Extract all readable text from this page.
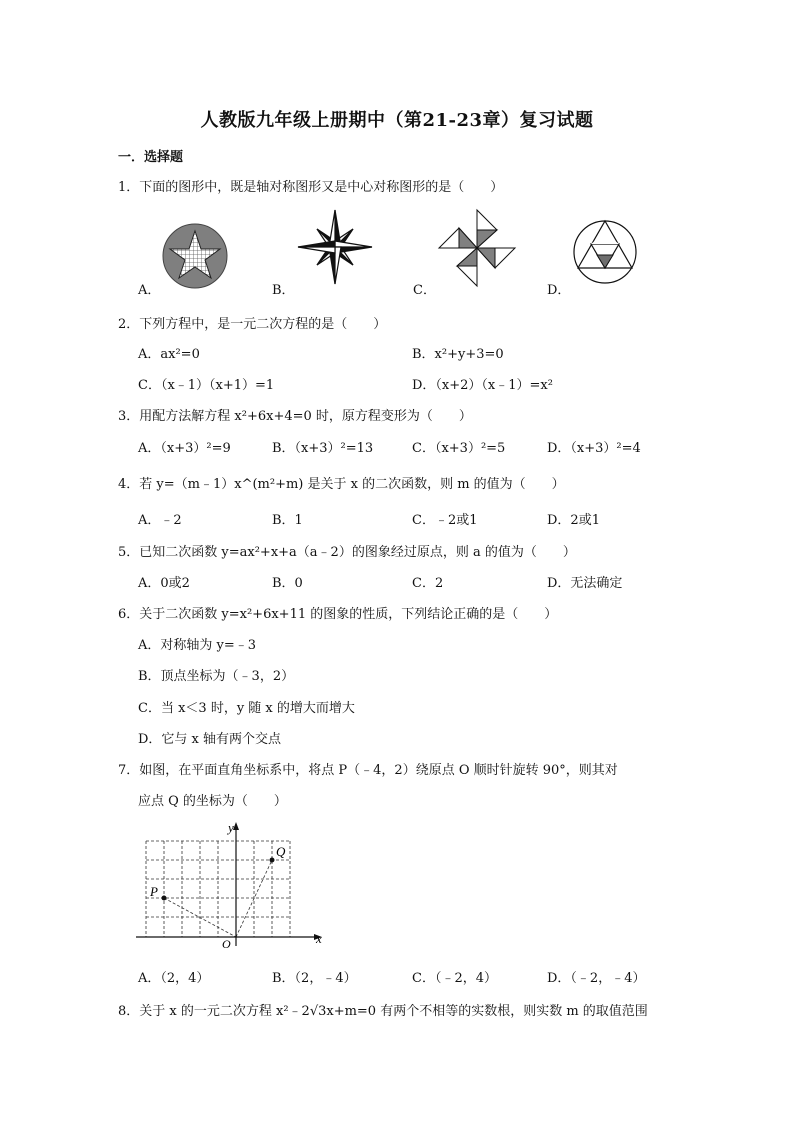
人教版九年级上册期中（第21-23章）复习试题
一．选择题
1．下面的图形中，既是轴对称图形又是中心对称图形的是（　　）
A．	B．	C．	D．
2．下列方程中，是一元二次方程的是（　　）
A．ax²=0	B．x²+y+3=0
C．（x﹣1）（x+1）=1	D．（x+2）（x﹣1）=x²
3．用配方法解方程 x²+6x+4=0 时，原方程变形为（　　）
A．（x+3）²=9	B．（x+3）²=13	C．（x+3）²=5	D．（x+3）²=4
4．若 y=（m﹣1）x^(m²+m) 是关于 x 的二次函数，则 m 的值为（　　）
A．﹣2	B．1	C．﹣2或1	D．2或1
5．已知二次函数 y=ax²+x+a（a﹣2）的图象经过原点，则 a 的值为（　　）
A．0或2	B．0	C．2	D．无法确定
6．关于二次函数 y=x²+6x+11 的图象的性质，下列结论正确的是（　　）
A．对称轴为 y=﹣3
B．顶点坐标为（﹣3，2）
C．当 x＜3 时，y 随 x 的增大而增大
D．它与 x 轴有两个交点
7．如图，在平面直角坐标系中，将点 P（﹣4，2）绕原点 O 顺时针旋转 90°，则其对
应点 Q 的坐标为（　　）
y
x
O
P
Q
A．（2，4）	B．（2，﹣4）	C．（﹣2，4）	D．（﹣2，﹣4）
8．关于 x 的一元二次方程 x²﹣2√3x+m=0 有两个不相等的实数根，则实数 m 的取值范围
